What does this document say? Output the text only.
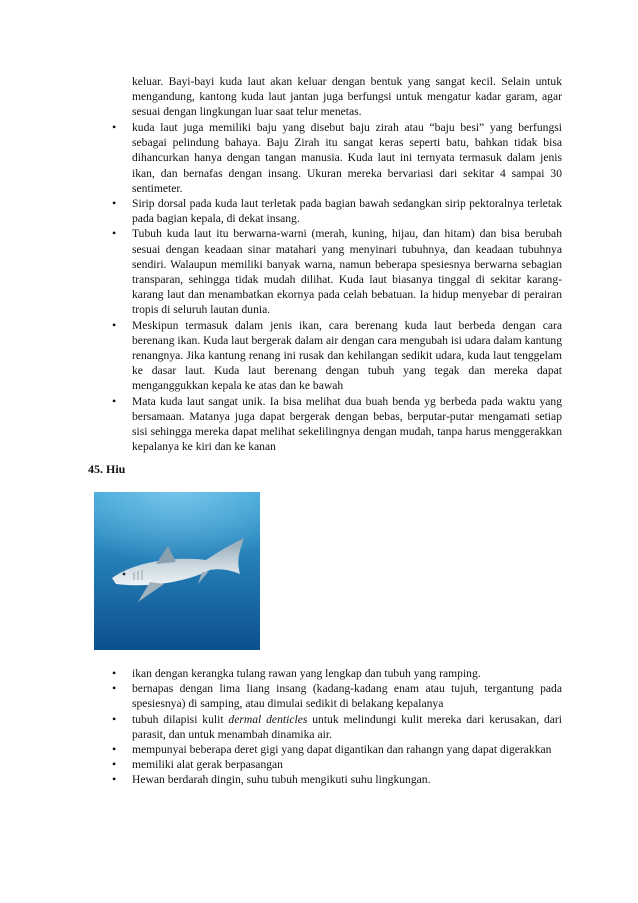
keluar. Bayi-bayi kuda laut akan keluar dengan bentuk yang sangat kecil. Selain untuk mengandung, kantong kuda laut jantan juga berfungsi untuk mengatur kadar garam, agar sesuai dengan lingkungan luar saat telur menetas.
• kuda laut juga memiliki baju yang disebut baju zirah atau “baju besi” yang berfungsi sebagai pelindung bahaya. Baju Zirah itu sangat keras seperti batu, bahkan tidak bisa dihancurkan hanya dengan tangan manusia. Kuda laut ini ternyata termasuk dalam jenis ikan, dan bernafas dengan insang. Ukuran mereka bervariasi dari sekitar 4 sampai 30 sentimeter.
• Sirip dorsal pada kuda laut terletak pada bagian bawah sedangkan sirip pektoralnya terletak pada bagian kepala, di dekat insang.
• Tubuh kuda laut itu berwarna-warni (merah, kuning, hijau, dan hitam) dan bisa berubah sesuai dengan keadaan sinar matahari yang menyinari tubuhnya, dan keadaan tubuhnya sendiri. Walaupun memiliki banyak warna, namun beberapa spesiesnya berwarna sebagian transparan, sehingga tidak mudah dilihat. Kuda laut biasanya tinggal di sekitar karang-karang laut dan menambatkan ekornya pada celah bebatuan. Ia hidup menyebar di perairan tropis di seluruh lautan dunia.
• Meskipun termasuk dalam jenis ikan, cara berenang kuda laut berbeda dengan cara berenang ikan. Kuda laut bergerak dalam air dengan cara mengubah isi udara dalam kantung renangnya. Jika kantung renang ini rusak dan kehilangan sedikit udara, kuda laut tenggelam ke dasar laut. Kuda laut berenang dengan tubuh yang tegak dan mereka dapat menganggukkan kepala ke atas dan ke bawah
• Mata kuda laut sangat unik. Ia bisa melihat dua buah benda yg berbeda pada waktu yang bersamaan. Matanya juga dapat bergerak dengan bebas, berputar-putar mengamati setiap sisi sehingga mereka dapat melihat sekelilingnya dengan mudah, tanpa harus menggerakkan kepalanya ke kiri dan ke kanan
45. Hiu
• ikan dengan kerangka tulang rawan yang lengkap dan tubuh yang ramping.
• bernapas dengan lima liang insang (kadang-kadang enam atau tujuh, tergantung pada spesiesnya) di samping, atau dimulai sedikit di belakang kepalanya
• tubuh dilapisi kulit dermal denticles untuk melindungi kulit mereka dari kerusakan, dari parasit, dan untuk menambah dinamika air.
• mempunyai beberapa deret gigi yang dapat digantikan dan rahangn yang dapat digerakkan
• memiliki alat gerak berpasangan
• Hewan berdarah dingin, suhu tubuh mengikuti suhu lingkungan.
